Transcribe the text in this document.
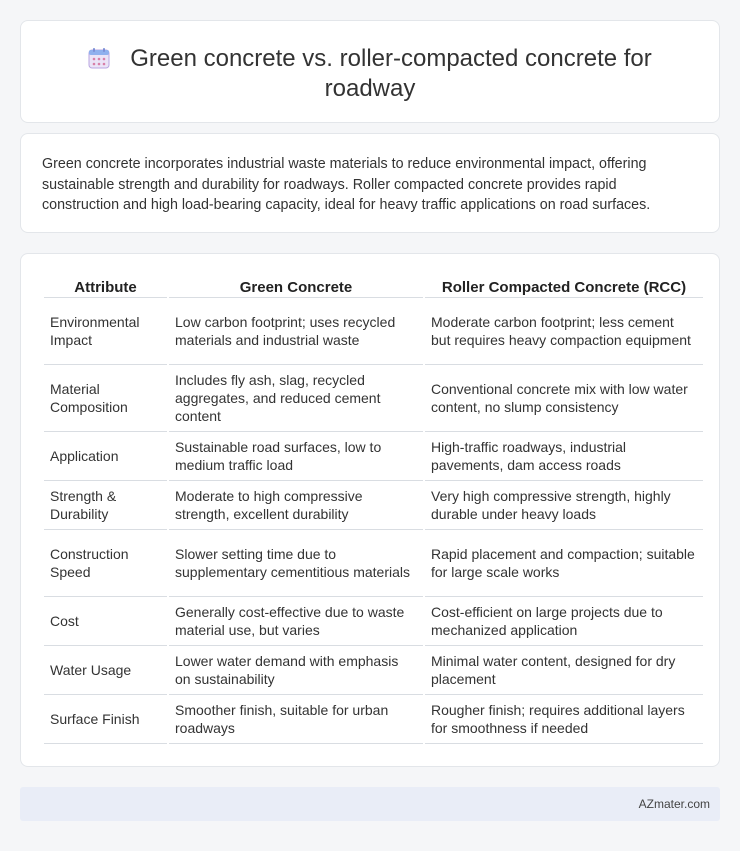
Green concrete vs. roller-compacted concrete for roadway

Green concrete incorporates industrial waste materials to reduce environmental impact, offering sustainable strength and durability for roadways. Roller compacted concrete provides rapid construction and high load-bearing capacity, ideal for heavy traffic applications on road surfaces.

Attribute	Green Concrete	Roller Compacted Concrete (RCC)
Environmental Impact	Low carbon footprint; uses recycled materials and industrial waste	Moderate carbon footprint; less cement but requires heavy compaction equipment
Material Composition	Includes fly ash, slag, recycled aggregates, and reduced cement content	Conventional concrete mix with low water content, no slump consistency
Application	Sustainable road surfaces, low to medium traffic load	High-traffic roadways, industrial pavements, dam access roads
Strength & Durability	Moderate to high compressive strength, excellent durability	Very high compressive strength, highly durable under heavy loads
Construction Speed	Slower setting time due to supplementary cementitious materials	Rapid placement and compaction; suitable for large scale works
Cost	Generally cost-effective due to waste material use, but varies	Cost-efficient on large projects due to mechanized application
Water Usage	Lower water demand with emphasis on sustainability	Minimal water content, designed for dry placement
Surface Finish	Smoother finish, suitable for urban roadways	Rougher finish; requires additional layers for smoothness if needed
AZmater.com
